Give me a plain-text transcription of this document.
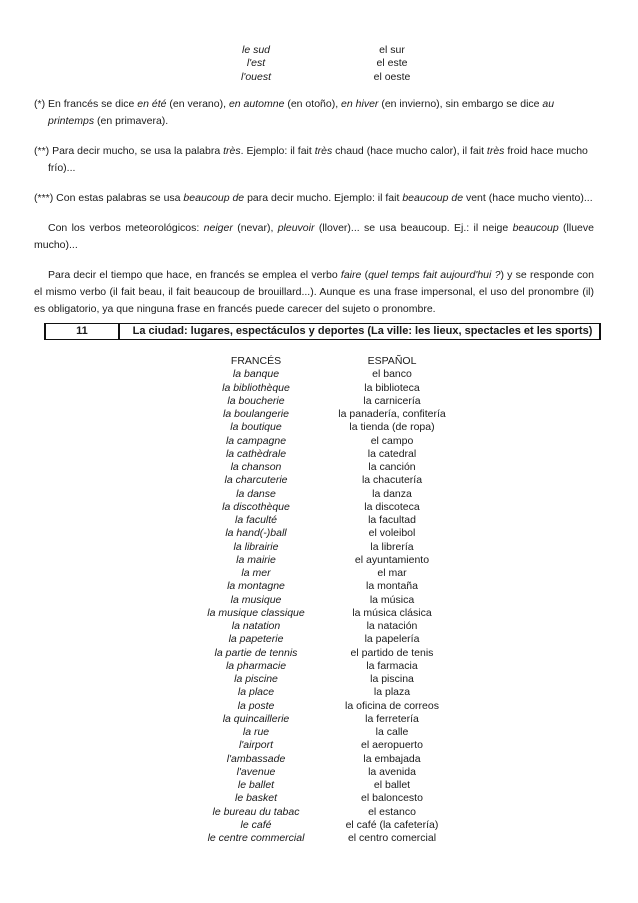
le sud	el sur
l'est	el este
l'ouest	el oeste

(*) En francés se dice en été (en verano), en automne (en otoño), en hiver (en invierno), sin embargo se dice au printemps (en primavera).

(**) Para decir mucho, se usa la palabra très. Ejemplo: il fait très chaud (hace mucho calor), il fait très froid hace mucho frío)...

(***) Con estas palabras se usa beaucoup de para decir mucho. Ejemplo: il fait beaucoup de vent (hace mucho viento)...

Con los verbos meteorológicos: neiger (nevar), pleuvoir (llover)... se usa beaucoup. Ej.: il neige beaucoup (llueve mucho)...

Para decir el tiempo que hace, en francés se emplea el verbo faire (quel temps fait aujourd'hui ?) y se responde con el mismo verbo (il fait beau, il fait beaucoup de brouillard...). Aunque es una frase impersonal, el uso del pronombre (il) es obligatorio, ya que ninguna frase en francés puede carecer del sujeto o pronombre.

11	La ciudad: lugares, espectáculos y deportes (La ville: les lieux, spectacles et les sports)
FRANCÉS	ESPAÑOL
la banque	el banco
la bibliothèque	la biblioteca
la boucherie	la carnicería
la boulangerie	la panadería, confitería
la boutique	la tienda (de ropa)
la campagne	el campo
la cathèdrale	la catedral
la chanson	la canción
la charcuterie	la chacutería
la danse	la danza
la discothèque	la discoteca
la faculté	la facultad
la hand(-)ball	el voleibol
la librairie	la librería
la mairie	el ayuntamiento
la mer	el mar
la montagne	la montaña
la musique	la música
la musique classique	la música clásica
la natation	la natación
la papeterie	la papelería
la partie de tennis	el partido de tenis
la pharmacie	la farmacia
la piscine	la piscina
la place	la plaza
la poste	la oficina de correos
la quincaillerie	la ferretería
la rue	la calle
l'airport	el aeropuerto
l'ambassade	la embajada
l'avenue	la avenida
le ballet	el ballet
le basket	el baloncesto
le bureau du tabac	el estanco
le café	el café (la cafetería)
le centre commercial	el centro comercial
